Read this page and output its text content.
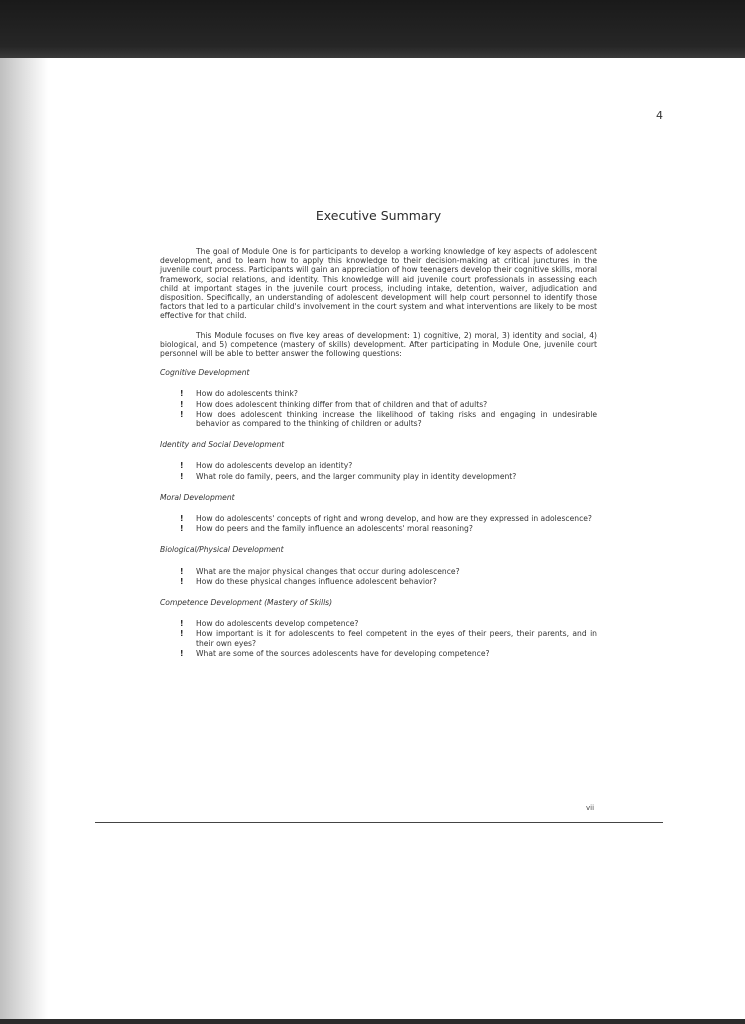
4
Executive Summary

The goal of Module One is for participants to develop a working knowledge of key aspects of adolescent development, and to learn how to apply this knowledge to their decision-making at critical junctures in the juvenile court process. Participants will gain an appreciation of how teenagers develop their cognitive skills, moral framework, social relations, and identity. This knowledge will aid juvenile court professionals in assessing each child at important stages in the juvenile court process, including intake, detention, waiver, adjudication and disposition. Specifically, an understanding of adolescent development will help court personnel to identify those factors that led to a particular child's involvement in the court system and what interventions are likely to be most effective for that child.

This Module focuses on five key areas of development: 1) cognitive, 2) moral, 3) identity and social, 4) biological, and 5) competence (mastery of skills) development. After participating in Module One, juvenile court personnel will be able to better answer the following questions:

Cognitive Development
!	How do adolescents think?
!	How does adolescent thinking differ from that of children and that of adults?
!	How does adolescent thinking increase the likelihood of taking risks and engaging in undesirable behavior as compared to the thinking of children or adults?
Identity and Social Development
!	How do adolescents develop an identity?
!	What role do family, peers, and the larger community play in identity development?
Moral Development
!	How do adolescents' concepts of right and wrong develop, and how are they expressed in adolescence?
!	How do peers and the family influence an adolescents' moral reasoning?
Biological/Physical Development
!	What are the major physical changes that occur during adolescence?
!	How do these physical changes influence adolescent behavior?
Competence Development (Mastery of Skills)
!	How do adolescents develop competence?
!	How important is it for adolescents to feel competent in the eyes of their peers, their parents, and in their own eyes?
!	What are some of the sources adolescents have for developing competence?
vii
